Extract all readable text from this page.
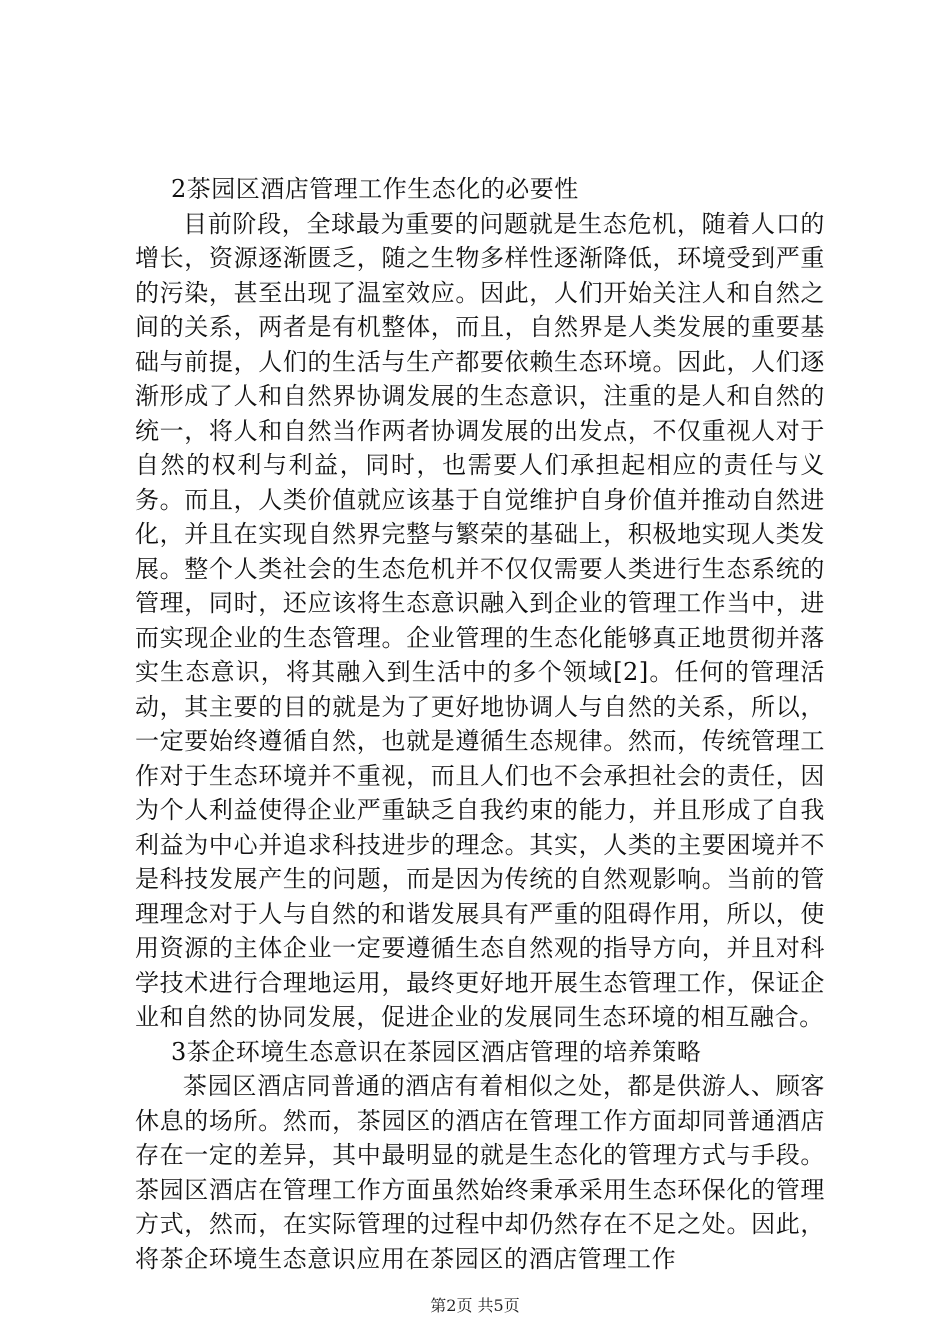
2茶园区酒店管理工作生态化的必要性

目前阶段，全球最为重要的问题就是生态危机，随着人口的增长，资源逐渐匮乏，随之生物多样性逐渐降低，环境受到严重的污染，甚至出现了温室效应。因此，人们开始关注人和自然之间的关系，两者是有机整体，而且，自然界是人类发展的重要基础与前提，人们的生活与生产都要依赖生态环境。因此，人们逐渐形成了人和自然界协调发展的生态意识，注重的是人和自然的统一，将人和自然当作两者协调发展的出发点，不仅重视人对于自然的权利与利益，同时，也需要人们承担起相应的责任与义务。而且，人类价值就应该基于自觉维护自身价值并推动自然进化，并且在实现自然界完整与繁荣的基础上，积极地实现人类发展。整个人类社会的生态危机并不仅仅需要人类进行生态系统的管理，同时，还应该将生态意识融入到企业的管理工作当中，进而实现企业的生态管理。企业管理的生态化能够真正地贯彻并落实生态意识，将其融入到生活中的多个领域[2]。任何的管理活动，其主要的目的就是为了更好地协调人与自然的关系，所以，一定要始终遵循自然，也就是遵循生态规律。然而，传统管理工作对于生态环境并不重视，而且人们也不会承担社会的责任，因为个人利益使得企业严重缺乏自我约束的能力，并且形成了自我利益为中心并追求科技进步的理念。其实，人类的主要困境并不是科技发展产生的问题，而是因为传统的自然观影响。当前的管理理念对于人与自然的和谐发展具有严重的阻碍作用，所以，使用资源的主体企业一定要遵循生态自然观的指导方向，并且对科学技术进行合理地运用，最终更好地开展生态管理工作，保证企业和自然的协同发展，促进企业的发展同生态环境的相互融合。

3茶企环境生态意识在茶园区酒店管理的培养策略

茶园区酒店同普通的酒店有着相似之处，都是供游人、顾客休息的场所。然而，茶园区的酒店在管理工作方面却同普通酒店存在一定的差异，其中最明显的就是生态化的管理方式与手段。茶园区酒店在管理工作方面虽然始终秉承采用生态环保化的管理方式，然而，在实际管理的过程中却仍然存在不足之处。因此，将茶企环境生态意识应用在茶园区的酒店管理工作

第2页 共5页
